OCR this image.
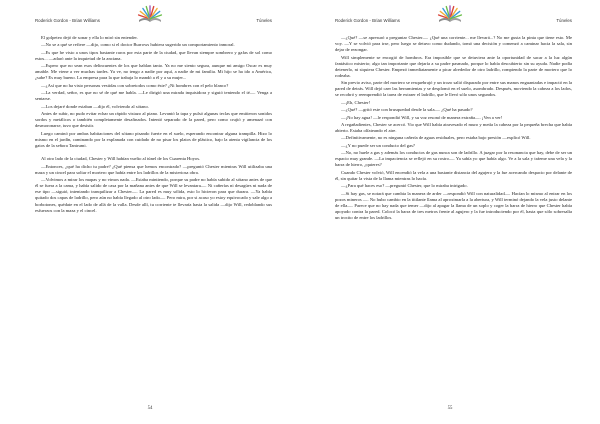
Roderick Gordon - Brian Williams	Túneles

El golpeteo dejó de sonar y ella lo miró sin entender.

—No se a qué se refiere —dijo, como si el doctor Burrows hubiera sugerido un comportamiento inmoral.

—Es que he visto a unos tipos bastante raros por esta parte de la ciudad, que llevan siempre sombrero y gafas de sol como estos... —adaró ante la inquietud de la anciana.

—Espero que no sean esos delincuentes de los que hablan tanto. Ya no me siento segura, aunque mi amigo Oscar es muy amable. Me viene a ver muchas tardes. Ya ve, no tengo a nadie por aquí, a nadie de mi familia. Mi hijo se ha ido a América, ¿sabe? Es muy bueno. La empresa para la que trabaja lo mandó a él y a su mujer...

—¿Así que no ha visto personas vestidas con sobretodos como éste? ¿Ni hombres con el pelo blanco?

—La verdad, señor, es que no sé de qué me habla. —Le dirigió una mirada inquisidora y siguió teniendo el té—. Venga a sentarse.

—Los dejaré donde estaban —dijo él, volviendo al sótano.

Antes de subir, no pudo evitar echar un rápido vistazo al piano. Levantó la tapa y pulsó algunas teclas que emitieron sonidos sordos y metálicos o también completamente desafinados. Intentó separado de la pared, pero como crujió y amenazó con desmoronarse, tuvo que desistir.

Luego caminó por ambas habitaciones del sótano pisando fuerte en el suelo, esperando encontrar alguna trampilla. Hizo lo mismo en el jardín, caminando por la explanada con cuidado de no pisar los platos de plástico, bajo la atenta vigilancia de los gatos de la señora Tantrumi.

Al otro lado de la ciudad, Chester y Will habían vuelto al túnel de los Cuarenta Hoyos.

—Entonces, ¿qué ha dicho tu padre? ¿Qué piensa que hemos encontrado? —preguntó Chester mientras Will utilizaba una maza y un cincel para soltar el mortero que había entre los ladrillos de la misteriosa obra.

—Volvimos a mirar los mapas y no vimos nada. —Estaba mintiendo, porque su padre no había subido al sótano antes de que él se fuera a la cama, y había salido de casa por la mañana antes de que Will se levantara—. Ni cañerías ni desagües ni nada de ese tipo —siguió, intentando tranquilizar a Chester—. La pared es muy sólida, esto lo hicieron para que durara. —Ya había quitado dos capas de ladrillo, pero aún no había llegado al otro lado—. Pero mira, por si acaso yo estoy equivocado y sale algo a borbotones, quédate en el lado de allá de la valla. Desde allí, tu corriente te llevaría hasta la salida —dijo Will, redoblando sus esfuerzos con la maza y el cincel.

54
Roderick Gordon - Brian Williams	Túneles

—¿Qué? —se apresuró a preguntar Chester—. ¿Qué una corriente... me llevará...? No me gusta la pinta que tiene esto. Me voy. —Y se volvió para irse, pero luego se detuvo como dudando, tomó una decisión y comenzó a caminar hacia la sala, sin dejar de rezongar.

Will simplemente se encogió de hombros. Era imposible que se detuviera ante la oportunidad de sacar a la luz algún fantástico misterio; algo tan importante que dejaría a su padre pasmado, porque lo había descubierto sin su ayuda. Nadie podía detenerlo, ni siquiera Chester. Empezó inmediatamente a picar alrededor de otro ladrillo, rompiendo la parte de mortero que lo rodeaba.

Sin previo aviso, parte del mortero se resquebrajó y un trozo salió disparado por entre sus manos enguantadas e impactó en la pared de detrás. Will dejó caer las herramientas y se desplomó en el suelo, asombrado. Después, moviendo la cabeza a los lados, se recobró y reemprendió la tarea de extraer el ladrillo, que le llevó sólo unos segundos.

—¡Eh, Chester!

—¿Qué? —gritó este con brusquedad desde la sala—. ¿Qué ha pasado?

—¡No hay agua! —le respondió Will, y su voz resonó de manera extraña—. ¡Ven a ver!

A regañadientes, Chester se acercó. Vio que Will había atravesado el muro y metía la cabeza por la pequeña brecha que había abierto. Estaba olfateando el aire.

—Definitivamente, no es ninguna cañería de aguas residuales, pero estaba bajo presión —explicó Will.

—¿Y no puede ser un conducto del gas?

—No, no huele a gas y además los conductos de gas nunca son de ladrillo. A juzgar por la resonancia que hay, debe de ser un espacio muy grande. —La impaciencia se reflejó en su rostro—. Ya sabía yo que había algo. Ve a la sala y tráeme una vela y la barra de hierro, ¿quieres?

Cuando Chester volvió, Will encendió la vela a una bastante distancia del agujero y la fue acercando despacio por delante de él, sin quitar la vista de la llama mientras lo hacía.

—¿Para qué haces eso? —preguntó Chester, que lo miraba intrigado.

—Si hay gas, se notará que cambia la manera de arder —respondió Will con naturalidad—. Hacían lo mismo al entrar en los pozos mineros —. No hubo cambio en la titilante llama al aproximarla a la abertura, y Will terminó dejando la vela justo delante de ella—. Parece que no hay nada que temer —dijo al apagar la llama de un soplo y coger la barra de hierro que Chester había apoyado contra la pared. Colocó la barra de tres metros frente al agujero y la fue introduciendo por él, hasta que sólo sobresalía un trocito de entre los ladrillos.

55
